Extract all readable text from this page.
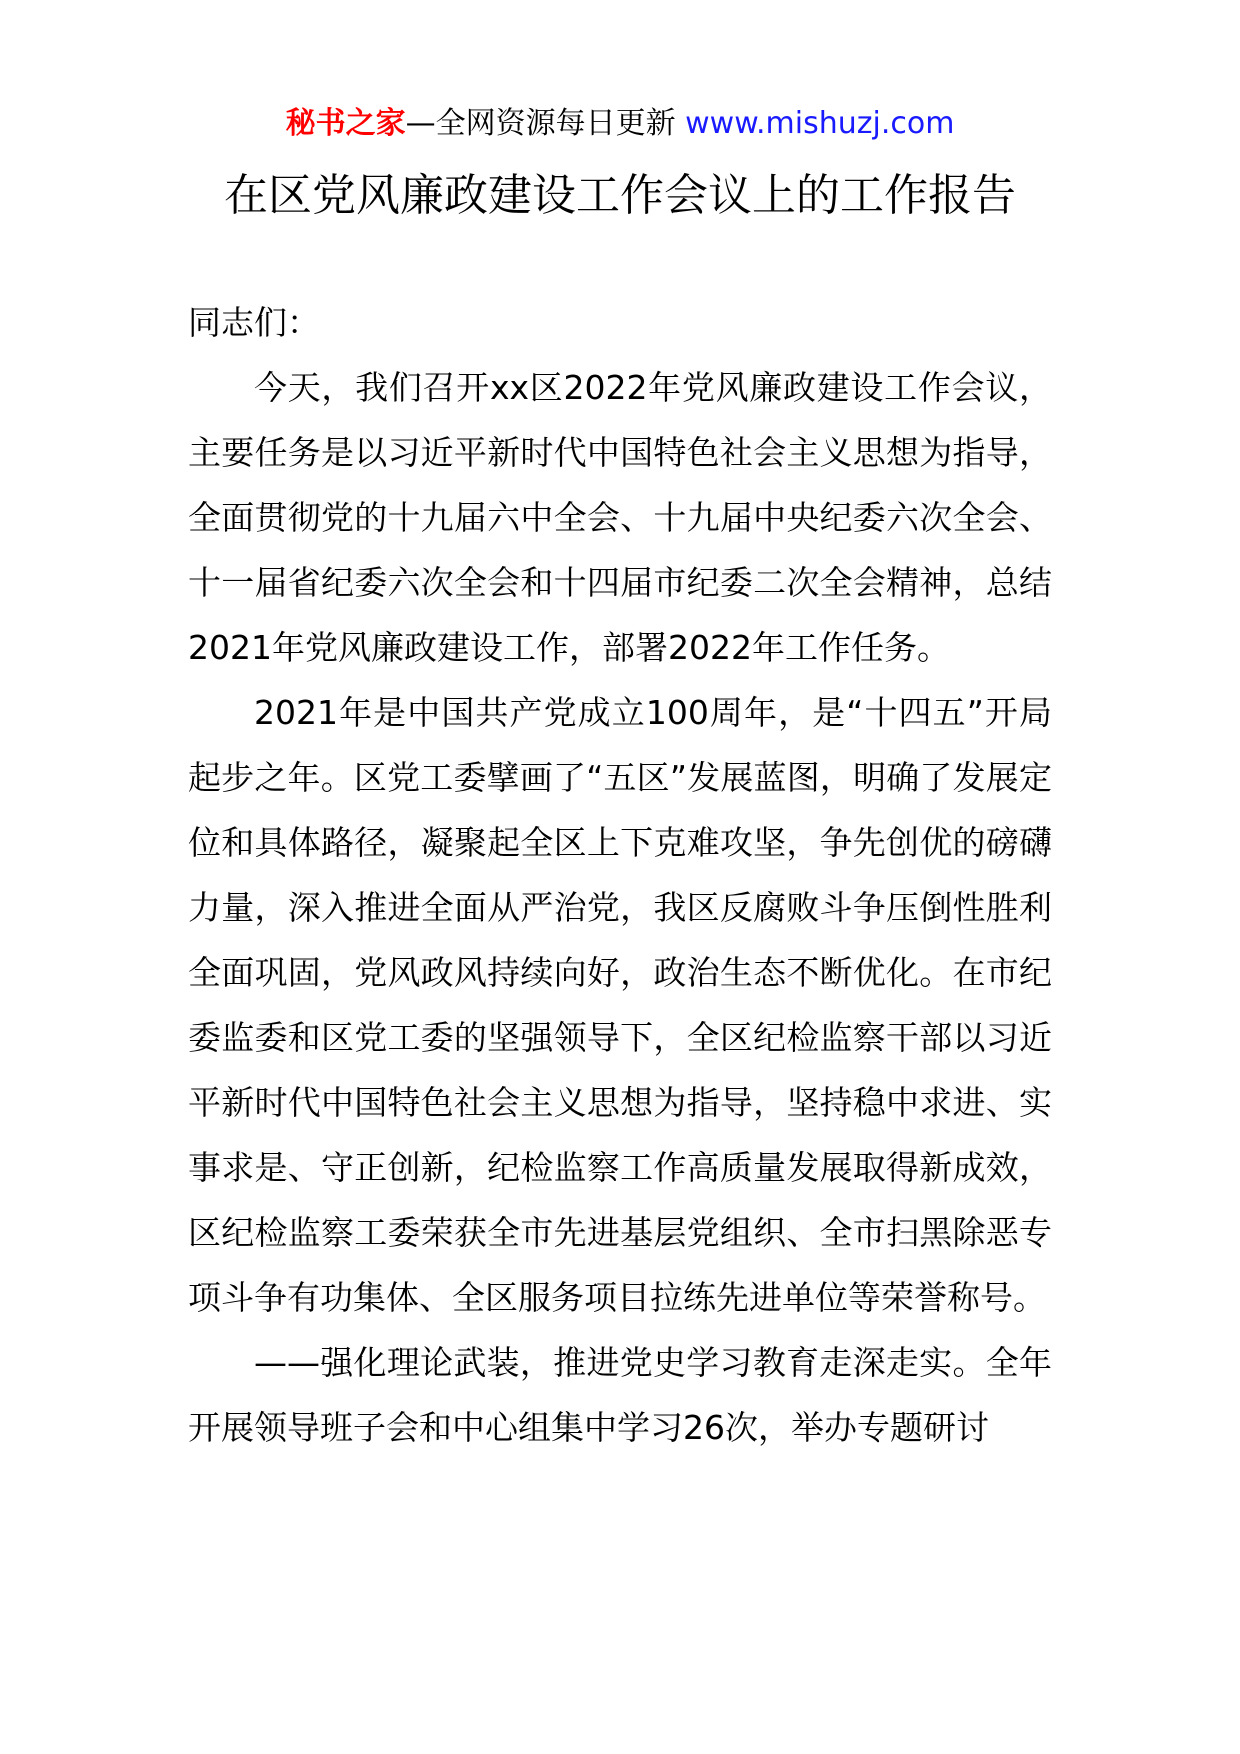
秘书之家—全网资源每日更新 www.mishuzj.com
在区党风廉政建设工作会议上的工作报告

同志们：

今天，我们召开xx区2022年党风廉政建设工作会议，主要任务是以习近平新时代中国特色社会主义思想为指导，全面贯彻党的十九届六中全会、十九届中央纪委六次全会、十一届省纪委六次全会和十四届市纪委二次全会精神，总结2021年党风廉政建设工作，部署2022年工作任务。

2021年是中国共产党成立100周年，是“十四五”开局起步之年。区党工委擘画了“五区”发展蓝图，明确了发展定位和具体路径，凝聚起全区上下克难攻坚，争先创优的磅礴力量，深入推进全面从严治党，我区反腐败斗争压倒性胜利全面巩固，党风政风持续向好，政治生态不断优化。在市纪委监委和区党工委的坚强领导下，全区纪检监察干部以习近平新时代中国特色社会主义思想为指导，坚持稳中求进、实事求是、守正创新，纪检监察工作高质量发展取得新成效，区纪检监察工委荣获全市先进基层党组织、全市扫黑除恶专项斗争有功集体、全区服务项目拉练先进单位等荣誉称号。

——强化理论武装，推进党史学习教育走深走实。全年开展领导班子会和中心组集中学习26次，举办专题研讨
